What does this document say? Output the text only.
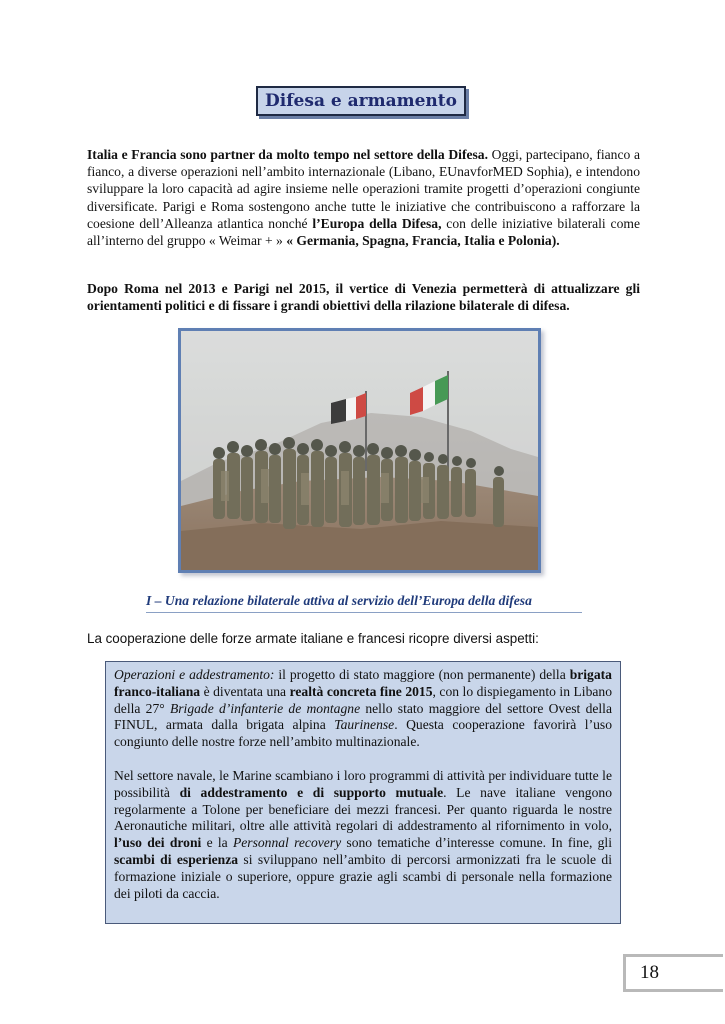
Difesa e armamento

Italia e Francia sono partner da molto tempo nel settore della Difesa. Oggi, partecipano, fianco a fianco, a diverse operazioni nell’ambito internazionale (Libano, EUnavforMED Sophia), e intendono sviluppare la loro capacità ad agire insieme nelle operazioni tramite progetti d’operazioni congiunte diversificate. Parigi e Roma sostengono anche tutte le iniziative che contribuiscono a rafforzare la coesione dell’Alleanza atlantica nonché l’Europa della Difesa, con delle iniziative bilaterali come all’interno del gruppo « Weimar + » « Germania, Spagna, Francia, Italia e Polonia).

Dopo Roma nel 2013 e Parigi nel 2015, il vertice di Venezia permetterà di attualizzare gli orientamenti politici e di fissare i grandi obiettivi della rilazione bilaterale di difesa.

I – Una relazione bilaterale attiva al servizio dell’Europa della difesa

La cooperazione delle forze armate italiane e francesi ricopre diversi aspetti:

Operazioni e addestramento: il progetto di stato maggiore (non permanente) della brigata franco-italiana è diventata una realtà concreta fine 2015, con lo dispiegamento in Libano della 27° Brigade d’infanterie de montagne nello stato maggiore del settore Ovest della FINUL, armata dalla brigata alpina Taurinense. Questa cooperazione favorirà l’uso congiunto delle nostre forze nell’ambito multinazionale.

Nel settore navale, le Marine scambiano i loro programmi di attività per individuare tutte le possibilità di addestramento e di supporto mutuale. Le nave italiane vengono regolarmente a Tolone per beneficiare dei mezzi francesi. Per quanto riguarda le nostre Aeronautiche militari, oltre alle attività regolari di addestramento al rifornimento in volo, l’uso dei droni e la Personnal recovery sono tematiche d’interesse comune. In fine, gli scambi di esperienza si sviluppano nell’ambito di percorsi armonizzati fra le scuole di formazione iniziale o superiore, oppure grazie agli scambi di personale nella formazione dei piloti da caccia.

18
